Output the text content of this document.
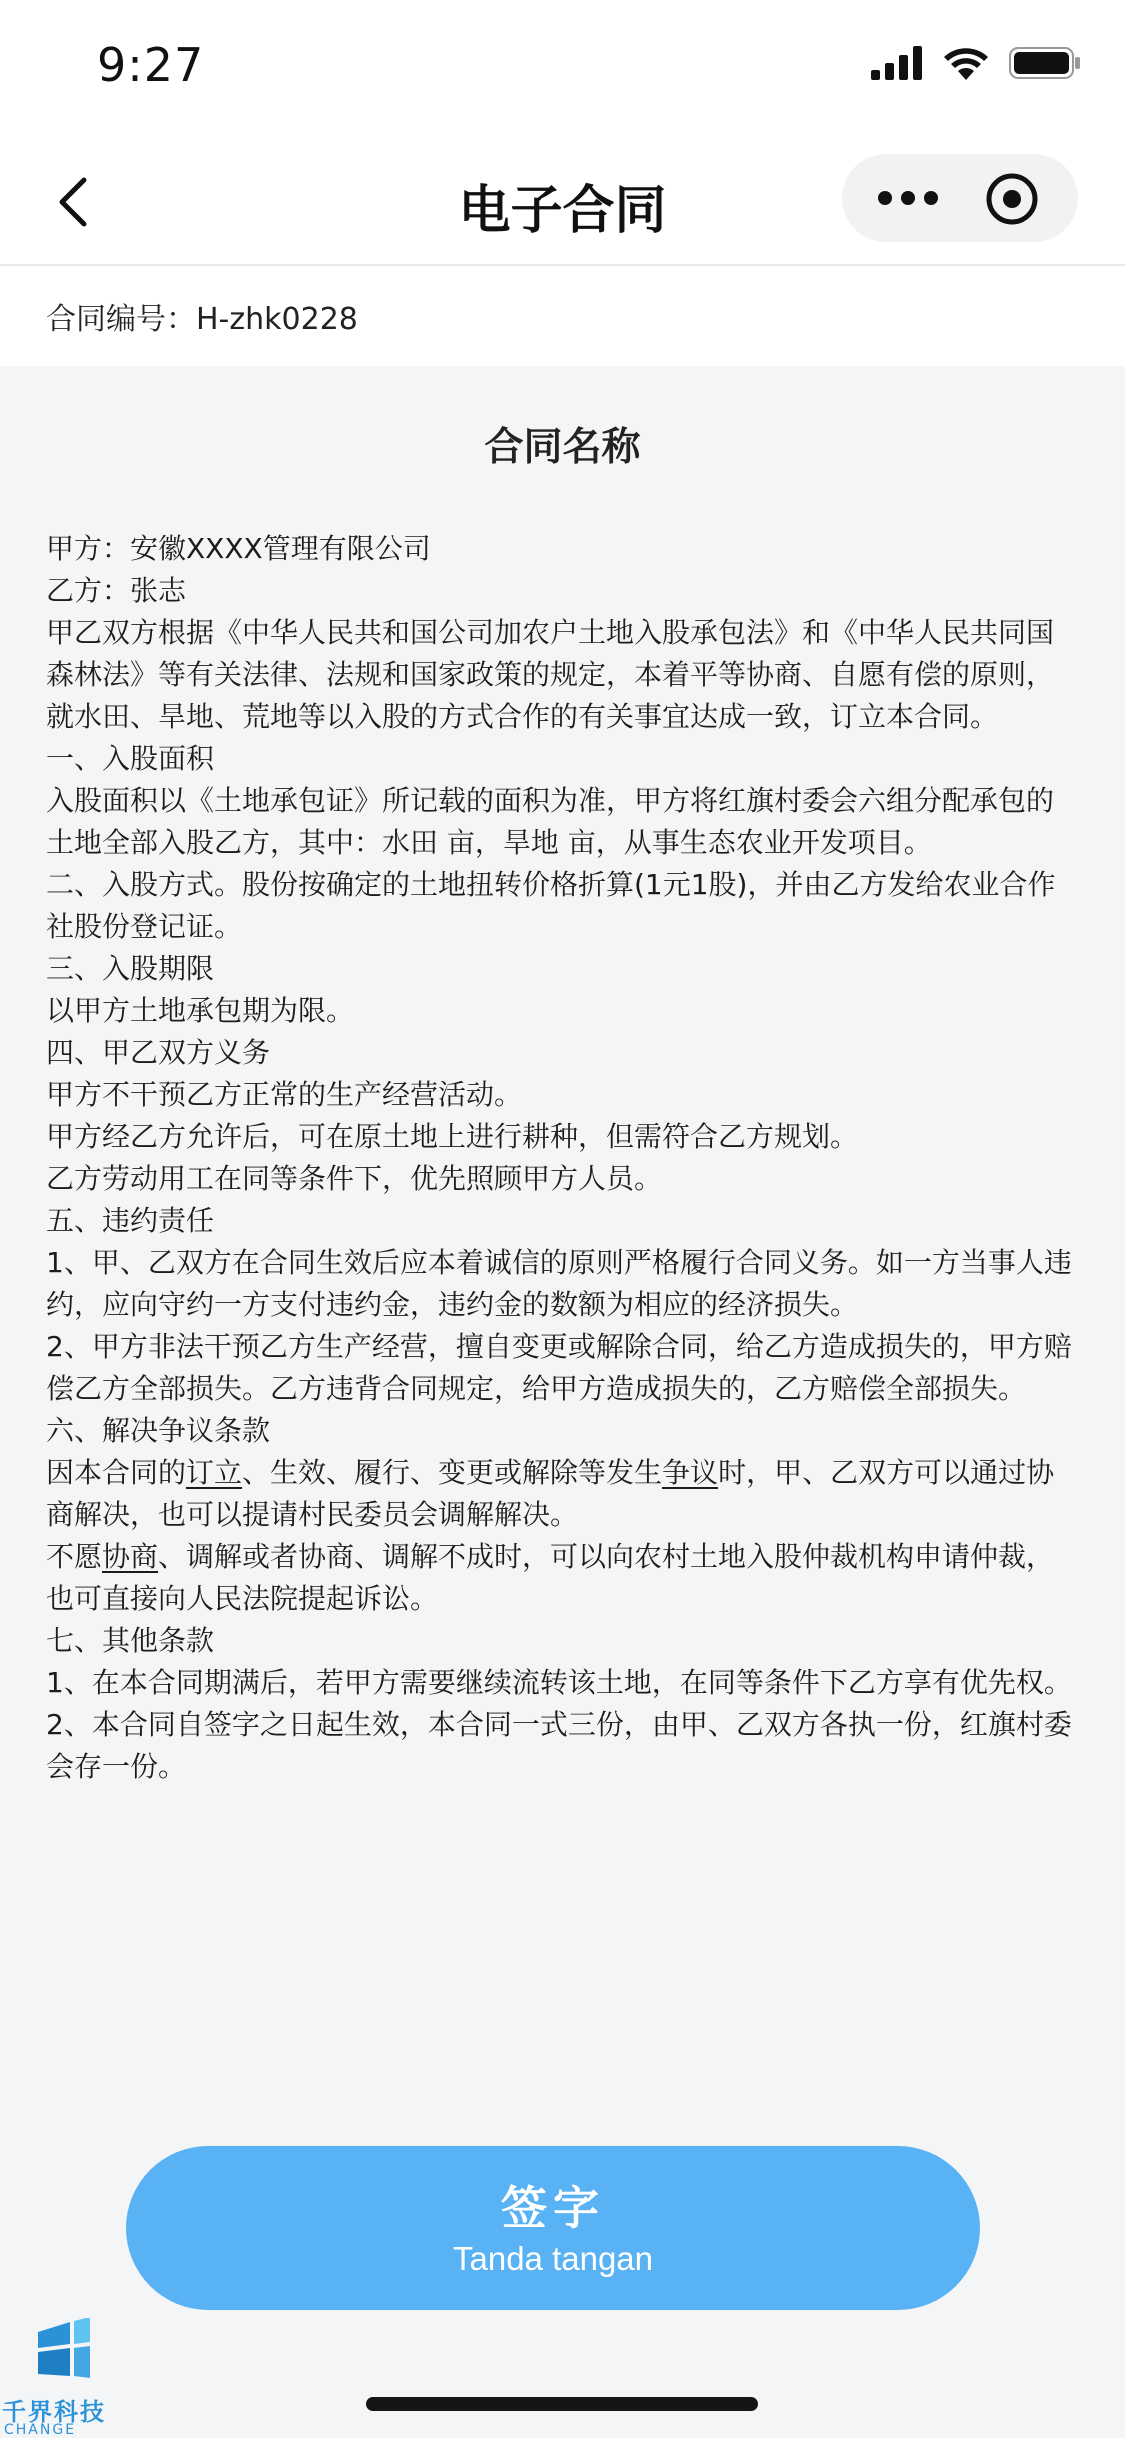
9:27
电子合同
合同编号：H-zhk0228
合同名称

甲方：安徽XXXX管理有限公司

乙方：张志

甲乙双方根据《中华人民共和国公司加农户土地入股承包法》和《中华人民共同国森林法》等有关法律、法规和国家政策的规定，本着平等协商、自愿有偿的原则，就水田、旱地、荒地等以入股的方式合作的有关事宜达成一致，订立本合同。

一、入股面积

入股面积以《土地承包证》所记载的面积为准，甲方将红旗村委会六组分配承包的土地全部入股乙方，其中：水田 亩，旱地 亩，从事生态农业开发项目。

二、入股方式。股份按确定的土地扭转价格折算(1元1股)，并由乙方发给农业合作社股份登记证。

三、入股期限

以甲方土地承包期为限。

四、甲乙双方义务

甲方不干预乙方正常的生产经营活动。

甲方经乙方允许后，可在原土地上进行耕种，但需符合乙方规划。

乙方劳动用工在同等条件下，优先照顾甲方人员。

五、违约责任

1、甲、乙双方在合同生效后应本着诚信的原则严格履行合同义务。如一方当事人违约，应向守约一方支付违约金，违约金的数额为相应的经济损失。

2、甲方非法干预乙方生产经营，擅自变更或解除合同，给乙方造成损失的，甲方赔偿乙方全部损失。乙方违背合同规定，给甲方造成损失的，乙方赔偿全部损失。

六、解决争议条款

因本合同的订立、生效、履行、变更或解除等发生争议时，甲、乙双方可以通过协商解决，也可以提请村民委员会调解解决。

不愿协商、调解或者协商、调解不成时，可以向农村土地入股仲裁机构申请仲裁，也可直接向人民法院提起诉讼。

七、其他条款

1、在本合同期满后，若甲方需要继续流转该土地，在同等条件下乙方享有优先权。

2、本合同自签字之日起生效，本合同一式三份，由甲、乙双方各执一份，红旗村委会存一份。

签字
Tanda tangan
千界科技
CHANGE
